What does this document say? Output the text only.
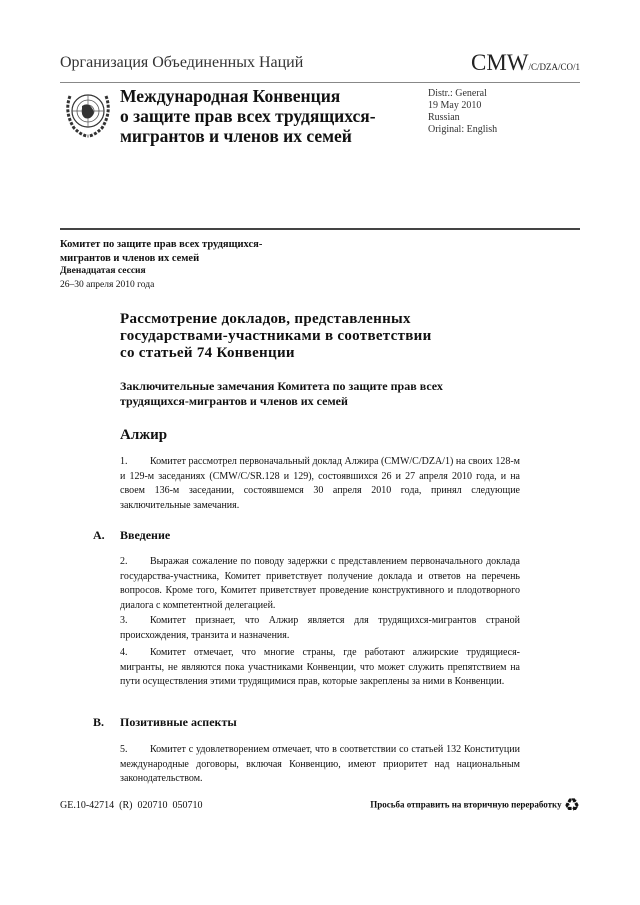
Организация Объединенных Наций	CMW/C/DZA/CO/1
Международная Конвенция
о защите прав всех трудящихся-
мигрантов и членов их семей
Distr.: General
19 May 2010
Russian
Original: English
Комитет по защите прав всех трудящихся-
мигрантов и членов их семей
Двенадцатая сессия
26–30 апреля 2010 года
Рассмотрение докладов, представленных
государствами-участниками в соответствии
со статьей 74 Конвенции
Заключительные замечания Комитета по защите прав всех
трудящихся-мигрантов и членов их семей
Алжир
1. Комитет рассмотрел первоначальный доклад Алжира (CMW/C/DZA/1) на своих 128-м и 129-м заседаниях (CMW/C/SR.128 и 129), состоявшихся 26 и 27 апреля 2010 года, и на своем 136-м заседании, состоявшемся 30 апреля 2010 года, принял следующие заключительные замечания.
A. Введение
2. Выражая сожаление по поводу задержки с представлением первоначального доклада государства-участника, Комитет приветствует получение доклада и ответов на перечень вопросов. Кроме того, Комитет приветствует проведение конструктивного и плодотворного диалога с компетентной делегацией.
3. Комитет признает, что Алжир является для трудящихся-мигрантов страной происхождения, транзита и назначения.
4. Комитет отмечает, что многие страны, где работают алжирские трудящиеся-мигранты, не являются пока участниками Конвенции, что может служить препятствием на пути осуществления этими трудящимися прав, которые закреплены за ними в Конвенции.
B. Позитивные аспекты
5. Комитет с удовлетворением отмечает, что в соответствии со статьей 132 Конституции международные договоры, включая Конвенцию, имеют приоритет над национальным законодательством.
GE.10-42714  (R)  020710  050710	Просьба отправить на вторичную переработку ♻
